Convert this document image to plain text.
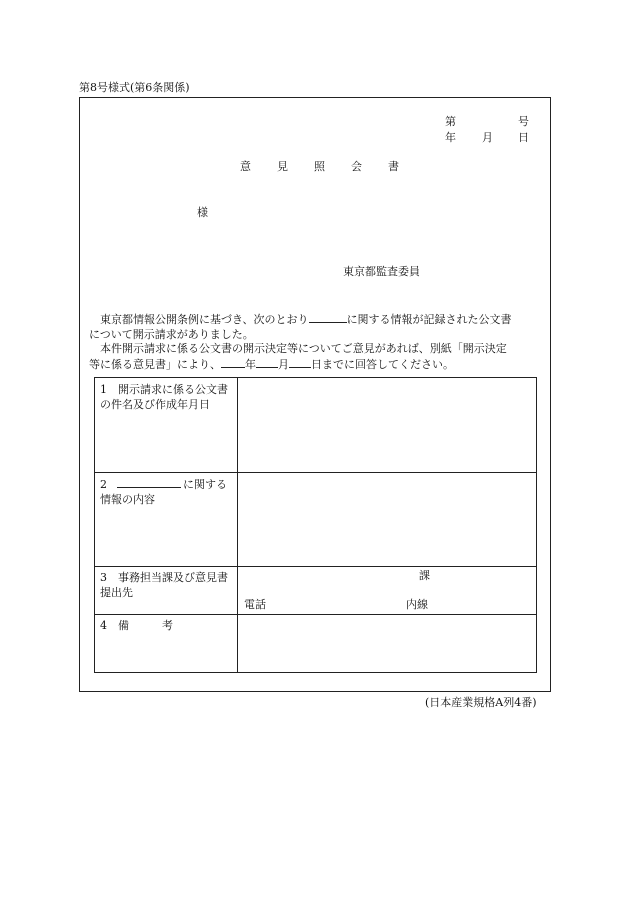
第8号様式(第6条関係)
第	号
年 月 日
意見照会書
様
東京都監査委員
東京都情報公開条例に基づき、次のとおり	に関する情報が記録された公文書
について開示請求がありました。
本件開示請求に係る公文書の開示決定等についてご意見があれば、別紙「開示決定
等に係る意見書」により、 年 月 日までに回答してください。
1　開示請求に係る公文書の件名及び作成年月日
2	に関する情報の内容
3　事務担当課及び意見書提出先
課
電話	内線
4　備　　　考
(日本産業規格A列4番)
